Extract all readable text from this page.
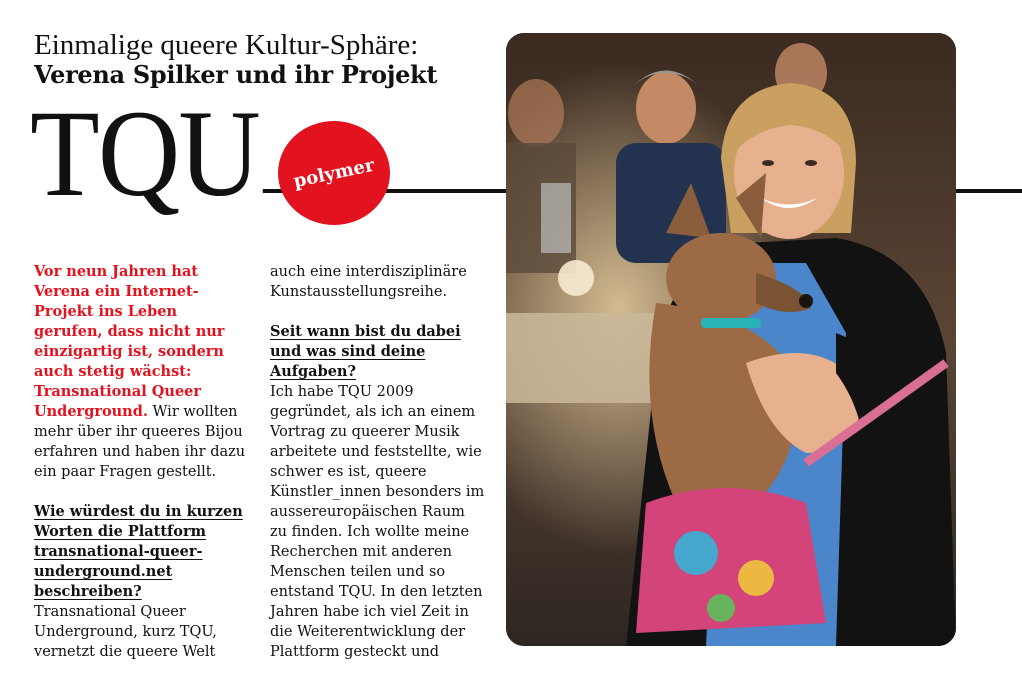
Einmalige queere Kultur-Sphäre:
Verena Spilker und ihr Projekt
TQU polymer

Vor neun Jahren hat Verena ein Internet-Projekt ins Leben gerufen, dass nicht nur einzigartig ist, sondern auch stetig wächst: Transnational Queer Underground. Wir wollten mehr über ihr queeres Bijou erfahren und haben ihr dazu ein paar Fragen gestellt.

Wie würdest du in kurzen Worten die Plattform transnational-queer-underground.net beschreiben?

Transnational Queer Underground, kurz TQU, vernetzt die queere Welt

auch eine interdisziplinäre Kunstausstellungsreihe.

Seit wann bist du dabei und was sind deine Aufgaben?

Ich habe TQU 2009 gegründet, als ich an einem Vortrag zu queerer Musik arbeitete und feststellte, wie schwer es ist, queere Künstler_innen besonders im aussereuropäischen Raum zu finden. Ich wollte meine Recherchen mit anderen Menschen teilen und so entstand TQU. In den letzten Jahren habe ich viel Zeit in die Weiterentwicklung der Plattform gesteckt und
